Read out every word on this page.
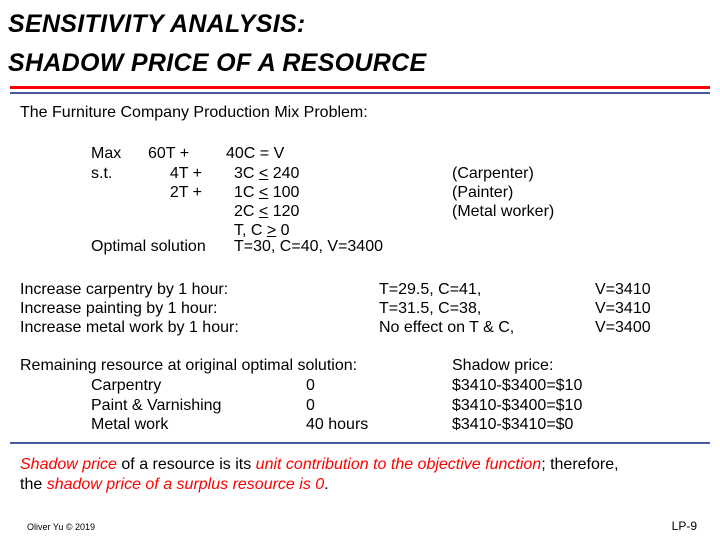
SENSITIVITY ANALYSIS:
SHADOW PRICE OF A RESOURCE
The Furniture Company Production Mix Problem:
Max
s.t.
60T + 40C = V
4T +
2T +
3C < 240
1C < 100
2C < 120
T, C > 0
(Carpenter)
(Painter)
(Metal worker)
Optimal solution T=30, C=40, V=3400
Increase carpentry by 1 hour:
Increase painting by 1 hour:
Increase metal work by 1 hour:
T=29.5, C=41,
T=31.5, C=38,
No effect on T & C,
V=3410
V=3410
V=3400
Remaining resource at original optimal solution:	Shadow price:
Carpentry
Paint & Varnishing
Metal work
0
0
40 hours
$3410-$3400=$10
$3410-$3400=$10
$3410-$3410=$0
Shadow price of a resource is its unit contribution to the objective function; therefore,
the shadow price of a surplus resource is 0.
Oliver Yu © 2019	LP-9
